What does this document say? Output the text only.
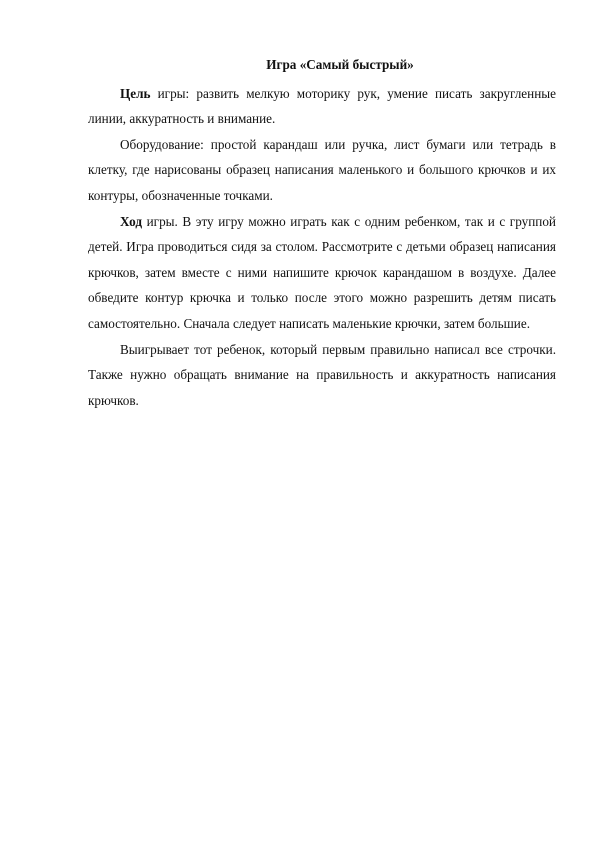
Игра «Самый быстрый»

Цель игры: развить мелкую моторику рук, умение писать закругленные линии, аккуратность и внимание.

Оборудование: простой карандаш или ручка, лист бумаги или тетрадь в клетку, где нарисованы образец написания маленького и большого крючков и их контуры, обозначенные точками.

Ход игры. В эту игру можно играть как с одним ребенком, так и с группой детей. Игра проводиться сидя за столом. Рассмотрите с детьми образец написания крючков, затем вместе с ними напишите крючок карандашом в воздухе. Далее обведите контур крючка и только после этого можно разрешить детям писать самостоятельно. Сначала следует написать маленькие крючки, затем большие.

Выигрывает тот ребенок, который первым правильно написал все строчки. Также нужно обращать внимание на правильность и аккуратность написания крючков.
